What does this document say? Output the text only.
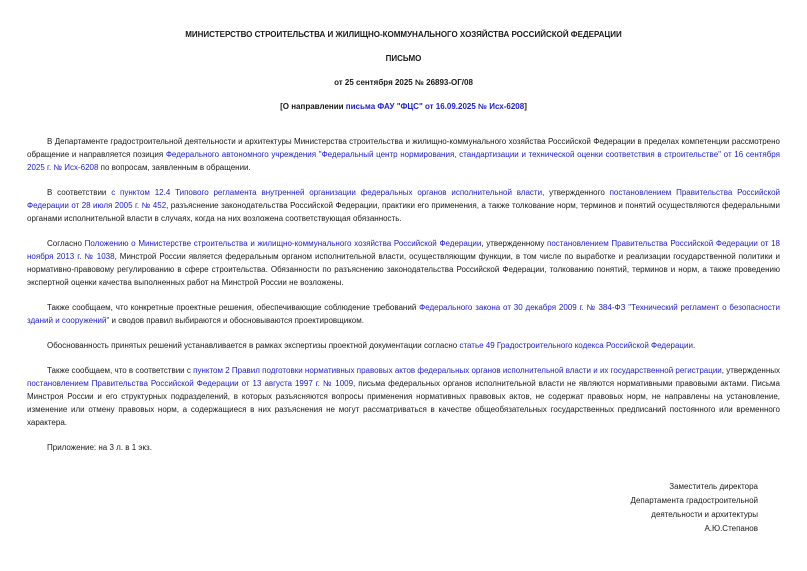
МИНИСТЕРСТВО СТРОИТЕЛЬСТВА И ЖИЛИЩНО-КОММУНАЛЬНОГО ХОЗЯЙСТВА РОССИЙСКОЙ ФЕДЕРАЦИИ

ПИСЬМО

от 25 сентября 2025 № 26893-ОГ/08

[О направлении письма ФАУ "ФЦС" от 16.09.2025 № Исх-6208]

В Департаменте градостроительной деятельности и архитектуры Министерства строительства и жилищно-коммунального хозяйства Российской Федерации в пределах компетенции рассмотрено обращение и направляется позиция Федерального автономного учреждения "Федеральный центр нормирования, стандартизации и технической оценки соответствия в строительстве" от 16 сентября 2025 г. № Исх-6208 по вопросам, заявленным в обращении.

В соответствии с пунктом 12.4 Типового регламента внутренней организации федеральных органов исполнительной власти, утвержденного постановлением Правительства Российской Федерации от 28 июля 2005 г. № 452, разъяснение законодательства Российской Федерации, практики его применения, а также толкование норм, терминов и понятий осуществляются федеральными органами исполнительной власти в случаях, когда на них возложена соответствующая обязанность.

Согласно Положению о Министерстве строительства и жилищно-коммунального хозяйства Российской Федерации, утвержденному постановлением Правительства Российской Федерации от 18 ноября 2013 г. № 1038, Минстрой России является федеральным органом исполнительной власти, осуществляющим функции, в том числе по выработке и реализации государственной политики и нормативно-правовому регулированию в сфере строительства. Обязанности по разъяснению законодательства Российской Федерации, толкованию понятий, терминов и норм, а также проведению экспертной оценки качества выполненных работ на Минстрой России не возложены.

Также сообщаем, что конкретные проектные решения, обеспечивающие соблюдение требований Федерального закона от 30 декабря 2009 г. № 384-ФЗ "Технический регламент о безопасности зданий и сооружений" и сводов правил выбираются и обосновываются проектировщиком.

Обоснованность принятых решений устанавливается в рамках экспертизы проектной документации согласно статье 49 Градостроительного кодекса Российской Федерации.

Также сообщаем, что в соответствии с пунктом 2 Правил подготовки нормативных правовых актов федеральных органов исполнительной власти и их государственной регистрации, утвержденных постановлением Правительства Российской Федерации от 13 августа 1997 г. № 1009, письма федеральных органов исполнительной власти не являются нормативными правовыми актами. Письма Минстроя России и его структурных подразделений, в которых разъясняются вопросы применения нормативных правовых актов, не содержат правовых норм, не направлены на установление, изменение или отмену правовых норм, а содержащиеся в них разъяснения не могут рассматриваться в качестве общеобязательных государственных предписаний постоянного или временного характера.

Приложение: на 3 л. в 1 экз.

Заместитель директора

Департамента градостроительной

деятельности и архитектуры

А.Ю.Степанов
